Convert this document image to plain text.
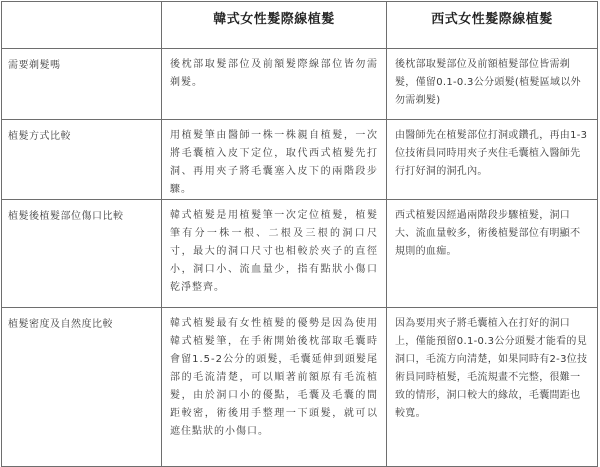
	韓式女性髮際線植髮	西式女性髮際線植髮
需要剃髮嗎	後枕部取髮部位及前額髮際線部位皆勿需剃髮。	後枕部取髮部位及前額植髮部位皆需剃髮，僅留0.1-0.3公分頭髮(植髮區域以外勿需剃髮)
植髮方式比較	用植髮筆由醫師一株一株親自植髮，一次將毛囊植入皮下定位，取代西式植髮先打洞、再用夾子將毛囊塞入皮下的兩階段步驟。	由醫師先在植髮部位打洞或鑽孔，再由1-3位技術員同時用夾子夾住毛囊植入醫師先行打好洞的洞孔內。
植髮後植髮部位傷口比較	韓式植髮是用植髮筆一次定位植髮，植髮筆有分一株一根、二根及三根的洞口尺寸，最大的洞口尺寸也相較於夾子的直徑小，洞口小、流血量少，指有點狀小傷口乾淨整齊。	西式植髮因經過兩階段步驟植髮，洞口大、流血量較多，術後植髮部位有明顯不規則的血痂。
植髮密度及自然度比較	韓式植髮最有女性植髮的優勢是因為使用韓式植髮筆，在手術開始後枕部取毛囊時會留1.5-2公分的頭髮，毛囊延伸到頭髮尾部的毛流清楚，可以順著前額原有毛流植髮，由於洞口小的優點，毛囊及毛囊的間距較密，術後用手整理一下頭髮，就可以遮住點狀的小傷口。	因為要用夾子將毛囊植入在打好的洞口上，僅能預留0.1-0.3公分頭髮才能看的見洞口，毛流方向清楚，如果同時有2-3位技術員同時植髮，毛流規畫不完整，很難一致的情形，洞口較大的緣故，毛囊間距也較寬。
